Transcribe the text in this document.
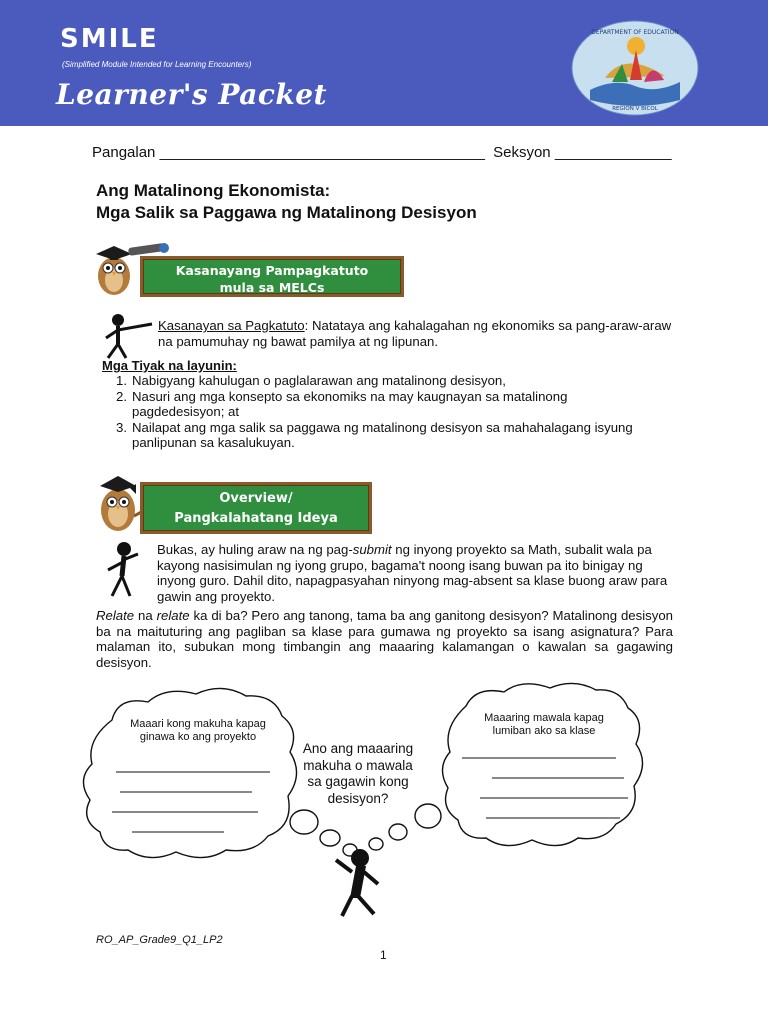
SMILE
(Simplified Module Intended for Learning Encounters)
Learner's Packet
DEPARTMENT OF EDUCATION
REGION V BICOL
Pangalan _______________________________________ Seksyon ______________
Ang Matalinong Ekonomista:
Mga Salik sa Paggawa ng Matalinong Desisyon
Kasanayang Pampagkatuto
mula sa MELCs
Kasanayan sa Pagkatuto: Natataya ang kahalagahan ng ekonomiks sa pang-araw-araw na pamumuhay ng bawat pamilya at ng lipunan.
Mga Tiyak na layunin:
1. Nabigyang kahulugan o paglalarawan ang matalinong desisyon,
2. Nasuri ang mga konsepto sa ekonomiks na may kaugnayan sa matalinong pagdedesisyon; at
3. Nailapat ang mga salik sa paggawa ng matalinong desisyon sa mahahalagang isyung panlipunan sa kasalukuyan.
Overview/
Pangkalahatang Ideya
Bukas, ay huling araw na ng pag-submit ng inyong proyekto sa Math, subalit wala pa kayong nasisimulan ng iyong grupo, bagama't noong isang buwan pa ito binigay ng inyong guro. Dahil dito, napagpasyahan ninyong mag-absent sa klase buong araw para gawin ang proyekto.
Relate na relate ka di ba? Pero ang tanong, tama ba ang ganitong desisyon? Matalinong desisyon ba na maituturing ang pagliban sa klase para gumawa ng proyekto sa isang asignatura? Para malaman ito, subukan mong timbangin ang maaaring kalamangan o kawalan sa gagawing desisyon.
Maaari kong makuha kapag ginawa ko ang proyekto
Maaaring mawala kapag lumiban ako sa klase
Ano ang maaaring makuha o mawala sa gagawin kong desisyon?
RO_AP_Grade9_Q1_LP2
1
